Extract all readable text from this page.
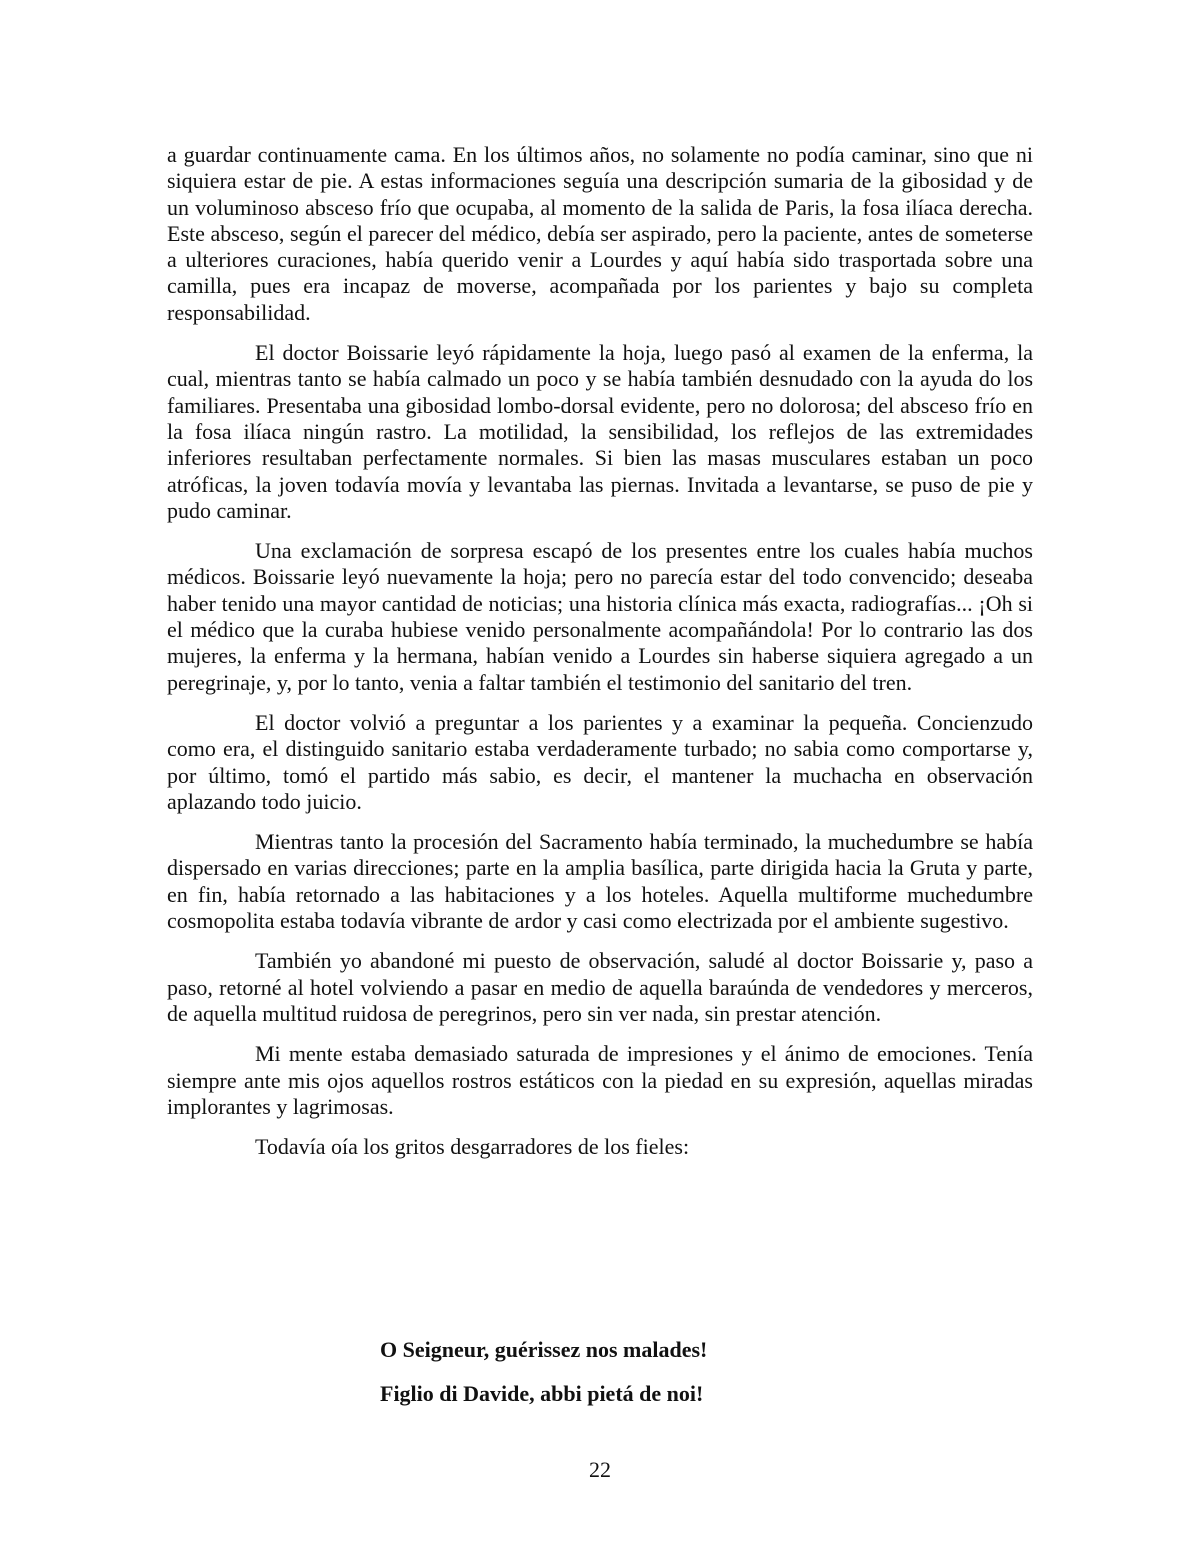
a guardar continuamente cama. En los últimos años, no solamente no podía caminar, sino que ni siquiera estar de pie. A estas informaciones seguía una descripción sumaria de la gibosidad y de un voluminoso absceso frío que ocupaba, al momento de la salida de Paris, la fosa ilíaca derecha. Este absceso, según el parecer del médico, debía ser aspirado, pero la paciente, antes de someterse a ulteriores curaciones, había querido venir a Lourdes y aquí había sido trasportada sobre una camilla, pues era incapaz de moverse, acompañada por los parientes y bajo su completa responsabilidad.

El doctor Boissarie leyó rápidamente la hoja, luego pasó al examen de la enferma, la cual, mientras tanto se había calmado un poco y se había también desnudado con la ayuda do los familiares. Presentaba una gibosidad lombo-dorsal evidente, pero no dolorosa; del absceso frío en la fosa ilíaca ningún rastro. La motilidad, la sensibilidad, los reflejos de las extremidades inferiores resultaban perfectamente normales. Si bien las masas musculares estaban un poco atróficas, la joven todavía movía y levantaba las piernas. Invitada a levantarse, se puso de pie y pudo caminar.

Una exclamación de sorpresa escapó de los presentes entre los cuales había muchos médicos. Boissarie leyó nuevamente la hoja; pero no parecía estar del todo convencido; deseaba haber tenido una mayor cantidad de noticias; una historia clínica más exacta, radiografías... ¡Oh si el médico que la curaba hubiese venido personalmente acompañándola! Por lo contrario las dos mujeres, la enferma y la hermana, habían venido a Lourdes sin haberse siquiera agregado a un peregrinaje, y, por lo tanto, venia a faltar también el testimonio del sanitario del tren.

El doctor volvió a preguntar a los parientes y a examinar la pequeña. Concienzudo como era, el distinguido sanitario estaba verdaderamente turbado; no sabia como comportarse y, por último, tomó el partido más sabio, es decir, el mantener la muchacha en observación aplazando todo juicio.

Mientras tanto la procesión del Sacramento había terminado, la muchedumbre se había dispersado en varias direcciones; parte en la amplia basílica, parte dirigida hacia la Gruta y parte, en fin, había retornado a las habitaciones y a los hoteles. Aquella multiforme muchedumbre cosmopolita estaba todavía vibrante de ardor y casi como electrizada por el ambiente sugestivo.

También yo abandoné mi puesto de observación, saludé al doctor Boissarie y, paso a paso, retorné al hotel volviendo a pasar en medio de aquella baraúnda de vendedores y merceros, de aquella multitud ruidosa de peregrinos, pero sin ver nada, sin prestar atención.

Mi mente estaba demasiado saturada de impresiones y el ánimo de emociones. Tenía siempre ante mis ojos aquellos rostros estáticos con la piedad en su expresión, aquellas miradas implorantes y lagrimosas.

Todavía oía los gritos desgarradores de los fieles:

O Seigneur, guérissez nos malades!

Figlio di Davide, abbi pietá de noi!

22
